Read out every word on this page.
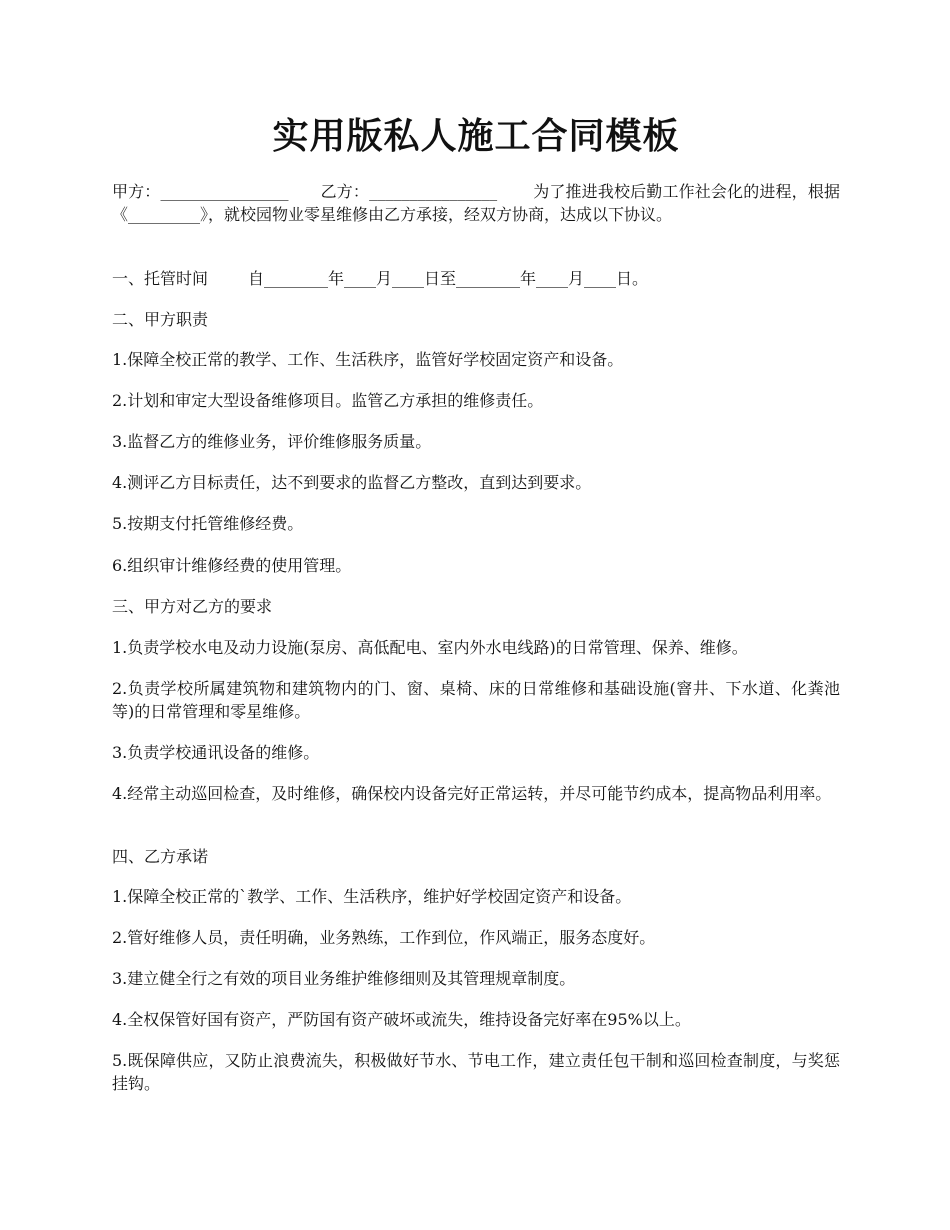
实用版私人施工合同模板

甲方：________________ 乙方：________________ 为了推进我校后勤工作社会化的进程，根据《_________》，就校园物业零星维修由乙方承接，经双方协商，达成以下协议。

一、托管时间	自________年____月____日至________年____月____日。

二、甲方职责

1.保障全校正常的教学、工作、生活秩序，监管好学校固定资产和设备。

2.计划和审定大型设备维修项目。监管乙方承担的维修责任。

3.监督乙方的维修业务，评价维修服务质量。

4.测评乙方目标责任，达不到要求的监督乙方整改，直到达到要求。

5.按期支付托管维修经费。

6.组织审计维修经费的使用管理。

三、甲方对乙方的要求

1.负责学校水电及动力设施(泵房、高低配电、室内外水电线路)的日常管理、保养、维修。

2.负责学校所属建筑物和建筑物内的门、窗、桌椅、床的日常维修和基础设施(窨井、下水道、化粪池等)的日常管理和零星维修。

3.负责学校通讯设备的维修。

4.经常主动巡回检查，及时维修，确保校内设备完好正常运转，并尽可能节约成本，提高物品利用率。

四、乙方承诺

1.保障全校正常的`教学、工作、生活秩序，维护好学校固定资产和设备。

2.管好维修人员，责任明确，业务熟练，工作到位，作风端正，服务态度好。

3.建立健全行之有效的项目业务维护维修细则及其管理规章制度。

4.全权保管好国有资产，严防国有资产破坏或流失，维持设备完好率在95%以上。

5.既保障供应，又防止浪费流失，积极做好节水、节电工作，建立责任包干制和巡回检查制度，与奖惩挂钩。
